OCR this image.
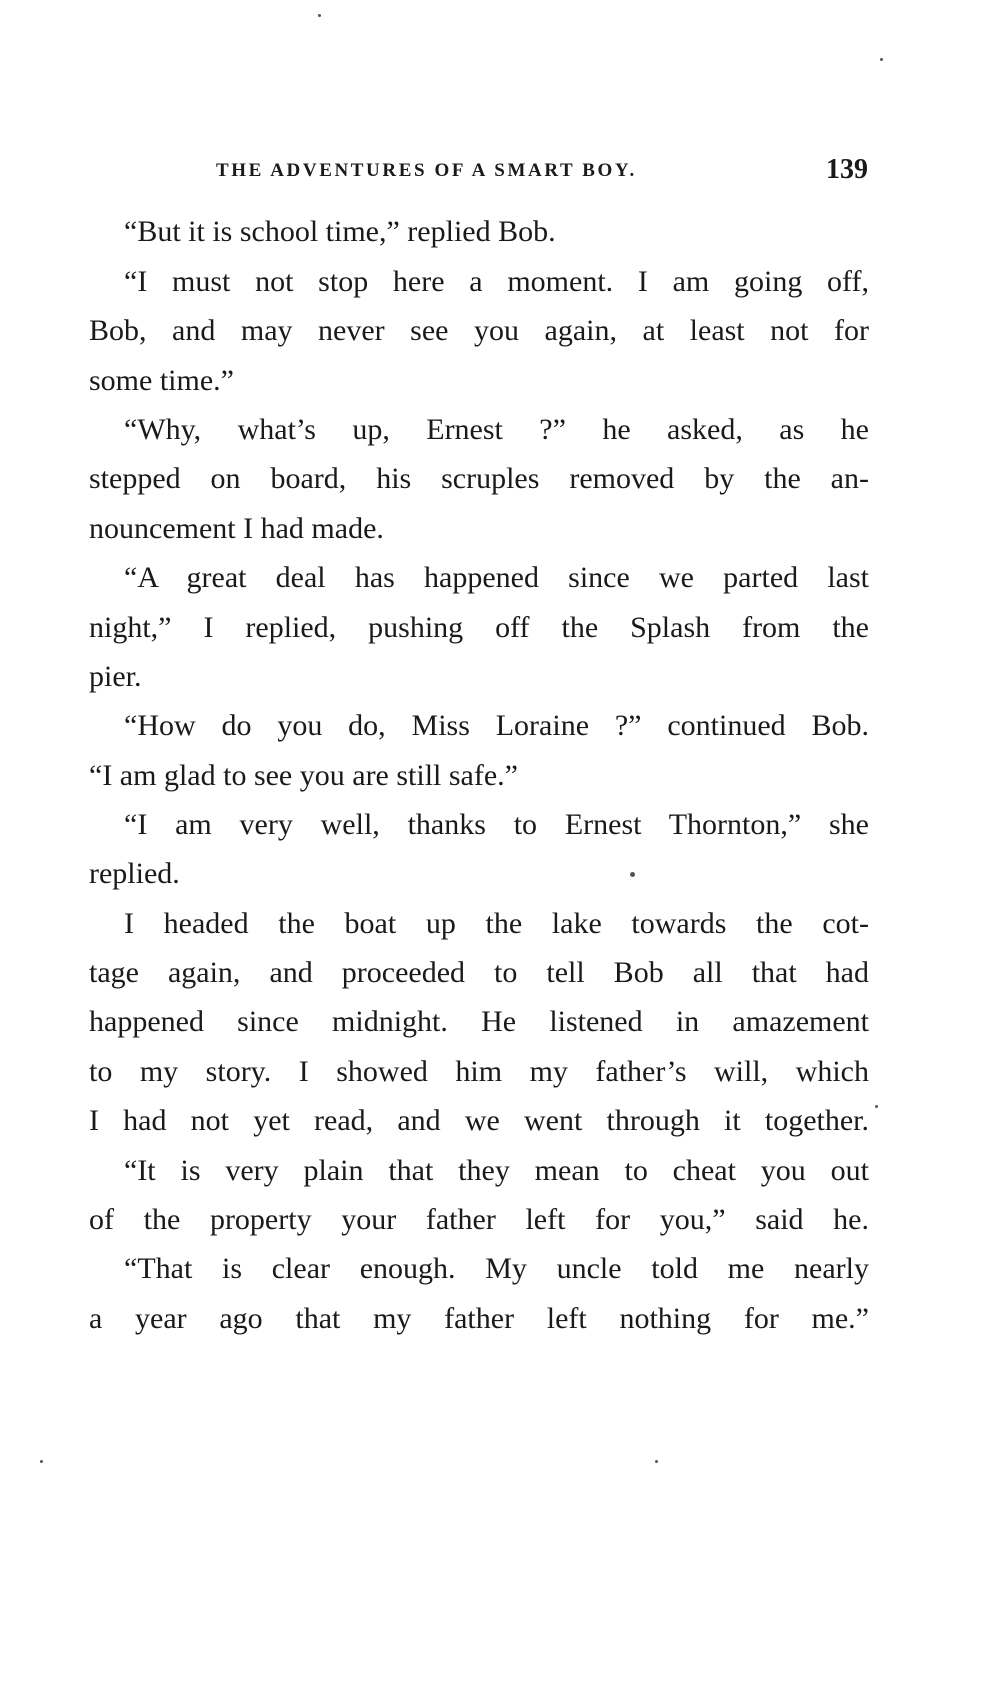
THE ADVENTURES OF A SMART BOY.	139
“But it is school time,” replied Bob.
“I must not stop here a moment. I am going off,
Bob, and may never see you again, at least not for
some time.”
“Why, what’s up, Ernest ?” he asked, as he
stepped on board, his scruples removed by the an-
nouncement I had made.
“A great deal has happened since we parted last
night,” I replied, pushing off the Splash from the
pier.
“How do you do, Miss Loraine ?” continued Bob.
“I am glad to see you are still safe.”
“I am very well, thanks to Ernest Thornton,” she
replied.
I headed the boat up the lake towards the cot-
tage again, and proceeded to tell Bob all that had
happened since midnight. He listened in amazement
to my story. I showed him my father’s will, which
I had not yet read, and we went through it together.
“It is very plain that they mean to cheat you out
of the property your father left for you,” said he.
“That is clear enough. My uncle told me nearly
a year ago that my father left nothing for me.”
